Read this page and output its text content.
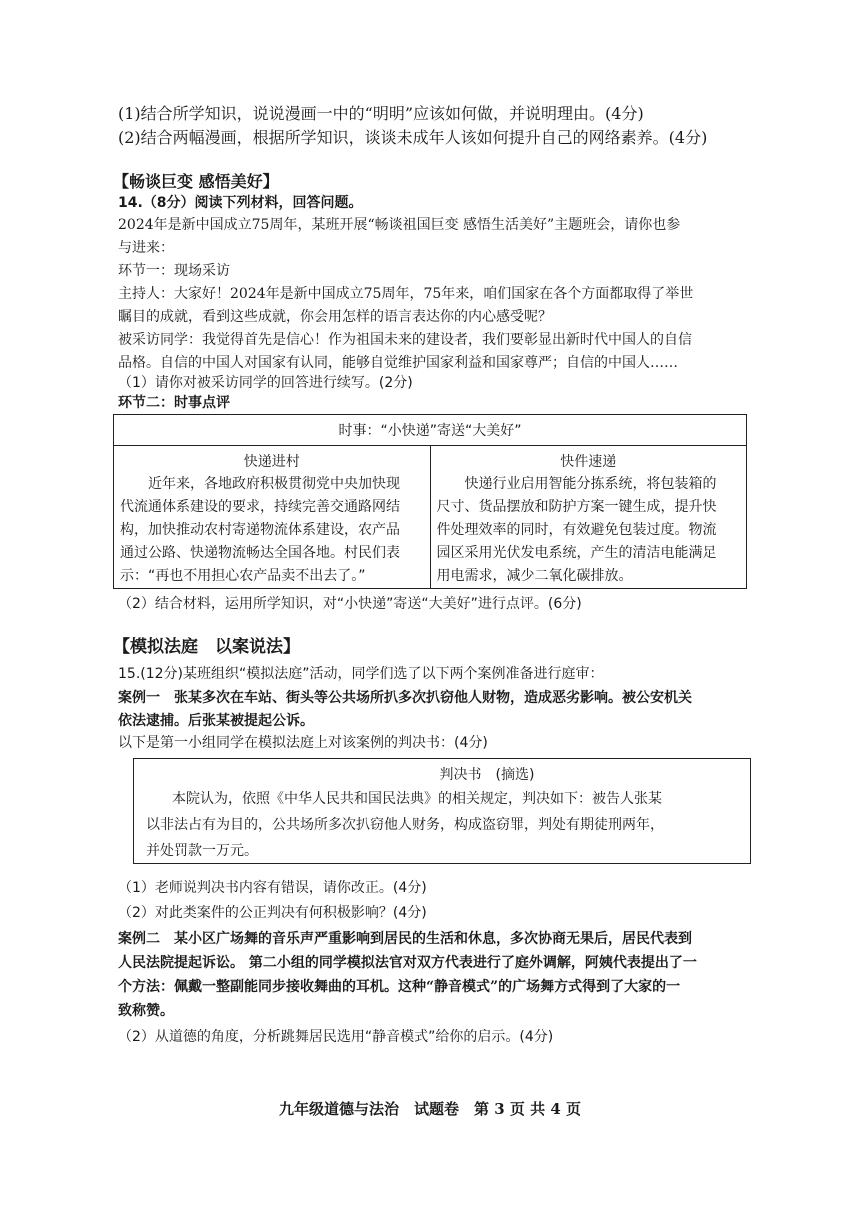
(1)结合所学知识，说说漫画一中的“明明”应该如何做，并说明理由。(4分)
(2)结合两幅漫画，根据所学知识，谈谈未成年人该如何提升自己的网络素养。(4分)
【畅谈巨变 感悟美好】
14.（8分）阅读下列材料，回答问题。
2024年是新中国成立75周年，某班开展“畅谈祖国巨变 感悟生活美好”主题班会，请你也参
与进来：
环节一：现场采访
主持人：大家好！2024年是新中国成立75周年，75年来，咱们国家在各个方面都取得了举世
瞩目的成就，看到这些成就，你会用怎样的语言表达你的内心感受呢？
被采访同学：我觉得首先是信心！作为祖国未来的建设者，我们要彰显出新时代中国人的自信
品格。自信的中国人对国家有认同，能够自觉维护国家利益和国家尊严；自信的中国人……
（1）请你对被采访同学的回答进行续写。(2分)
环节二：时事点评
时事：“小快递”寄送“大美好”

快递进村
　　近年来，各地政府积极贯彻党中央加快现
代流通体系建设的要求，持续完善交通路网结
构，加快推动农村寄递物流体系建设，农产品
通过公路、快递物流畅达全国各地。村民们表
示：“再也不用担心农产品卖不出去了。”

快件速递
　　快递行业启用智能分拣系统，将包装箱的
尺寸、货品摆放和防护方案一键生成，提升快
件处理效率的同时，有效避免包装过度。物流
园区采用光伏发电系统，产生的清洁电能满足
用电需求，减少二氧化碳排放。
（2）结合材料，运用所学知识，对“小快递”寄送“大美好”进行点评。(6分)
【模拟法庭　以案说法】
15.(12分)某班组织“模拟法庭”活动，同学们选了以下两个案例准备进行庭审：
案例一　张某多次在车站、街头等公共场所扒多次扒窃他人财物，造成恶劣影响。被公安机关
依法逮捕。后张某被提起公诉。
以下是第一小组同学在模拟法庭上对该案例的判决书：(4分)
判决书　(摘选)
本院认为，依照《中华人民共和国民法典》的相关规定，判决如下：被告人张某
以非法占有为目的，公共场所多次扒窃他人财务，构成盗窃罪，判处有期徒刑两年，
并处罚款一万元。
（1）老师说判决书内容有错误，请你改正。(4分)
（2）对此类案件的公正判决有何积极影响？(4分)
案例二　某小区广场舞的音乐声严重影响到居民的生活和休息，多次协商无果后，居民代表到
人民法院提起诉讼。 第二小组的同学模拟法官对双方代表进行了庭外调解，阿姨代表提出了一
个方法：佩戴一整副能同步接收舞曲的耳机。这种“静音模式”的广场舞方式得到了大家的一
致称赞。
（2）从道德的角度，分析跳舞居民选用“静音模式”给你的启示。(4分)
九年级道德与法治　试题卷　第 3 页 共 4 页
